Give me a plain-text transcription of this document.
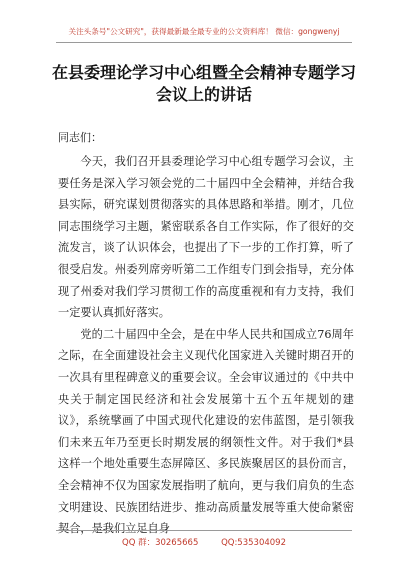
关注头条号"公文研究"，获得最新最全最专业的公文资料库！ 微信：gongwenyj
在县委理论学习中心组暨全会精神专题学习会议上的讲话

同志们：

今天，我们召开县委理论学习中心组专题学习会议，主要任务是深入学习领会党的二十届四中全会精神，并结合我县实际，研究谋划贯彻落实的具体思路和举措。刚才，几位同志围绕学习主题，紧密联系各自工作实际，作了很好的交流发言，谈了认识体会，也提出了下一步的工作打算，听了很受启发。州委列席旁听第二工作组专门到会指导，充分体现了州委对我们学习贯彻工作的高度重视和有力支持，我们一定要认真抓好落实。

党的二十届四中全会，是在中华人民共和国成立76周年之际，在全面建设社会主义现代化国家进入关键时期召开的一次具有里程碑意义的重要会议。全会审议通过的《中共中央关于制定国民经济和社会发展第十五个五年规划的建议》，系统擘画了中国式现代化建设的宏伟蓝图，是引领我们未来五年乃至更长时期发展的纲领性文件。对于我们*县这样一个地处重要生态屏障区、多民族聚居区的县份而言，全会精神不仅为国家发展指明了航向，更与我们肩负的生态文明建设、民族团结进步、推动高质量发展等重大使命紧密契合，是我们立足自身

QQ 群：30265665	QQ:535304092
